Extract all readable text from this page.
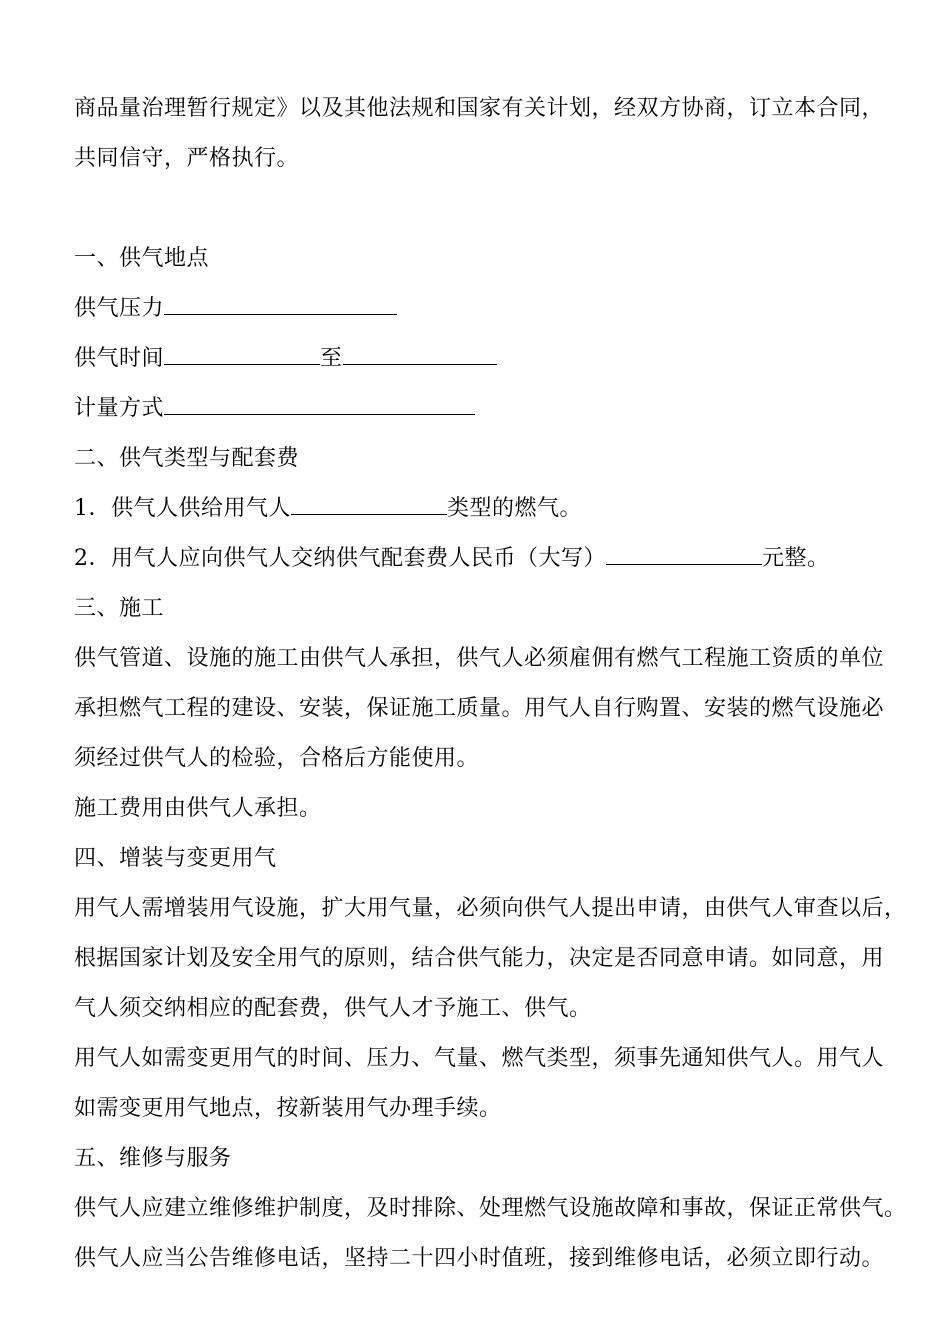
商品量治理暂行规定》以及其他法规和国家有关计划，经双方协商，订立本合同，
共同信守，严格执行。
一、供气地点
供气压力
供气时间	至
计量方式
二、供气类型与配套费
1．供气人供给用气人	类型的燃气。
2．用气人应向供气人交纳供气配套费人民币（大写）	元整。
三、施工
供气管道、设施的施工由供气人承担，供气人必须雇佣有燃气工程施工资质的单位
承担燃气工程的建设、安装，保证施工质量。用气人自行购置、安装的燃气设施必
须经过供气人的检验，合格后方能使用。
施工费用由供气人承担。
四、增装与变更用气
用气人需增装用气设施，扩大用气量，必须向供气人提出申请，由供气人审查以后，
根据国家计划及安全用气的原则，结合供气能力，决定是否同意申请。如同意，用
气人须交纳相应的配套费，供气人才予施工、供气。
用气人如需变更用气的时间、压力、气量、燃气类型，须事先通知供气人。用气人
如需变更用气地点，按新装用气办理手续。
五、维修与服务
供气人应建立维修维护制度，及时排除、处理燃气设施故障和事故，保证正常供气。
供气人应当公告维修电话，坚持二十四小时值班，接到维修电话，必须立即行动。
